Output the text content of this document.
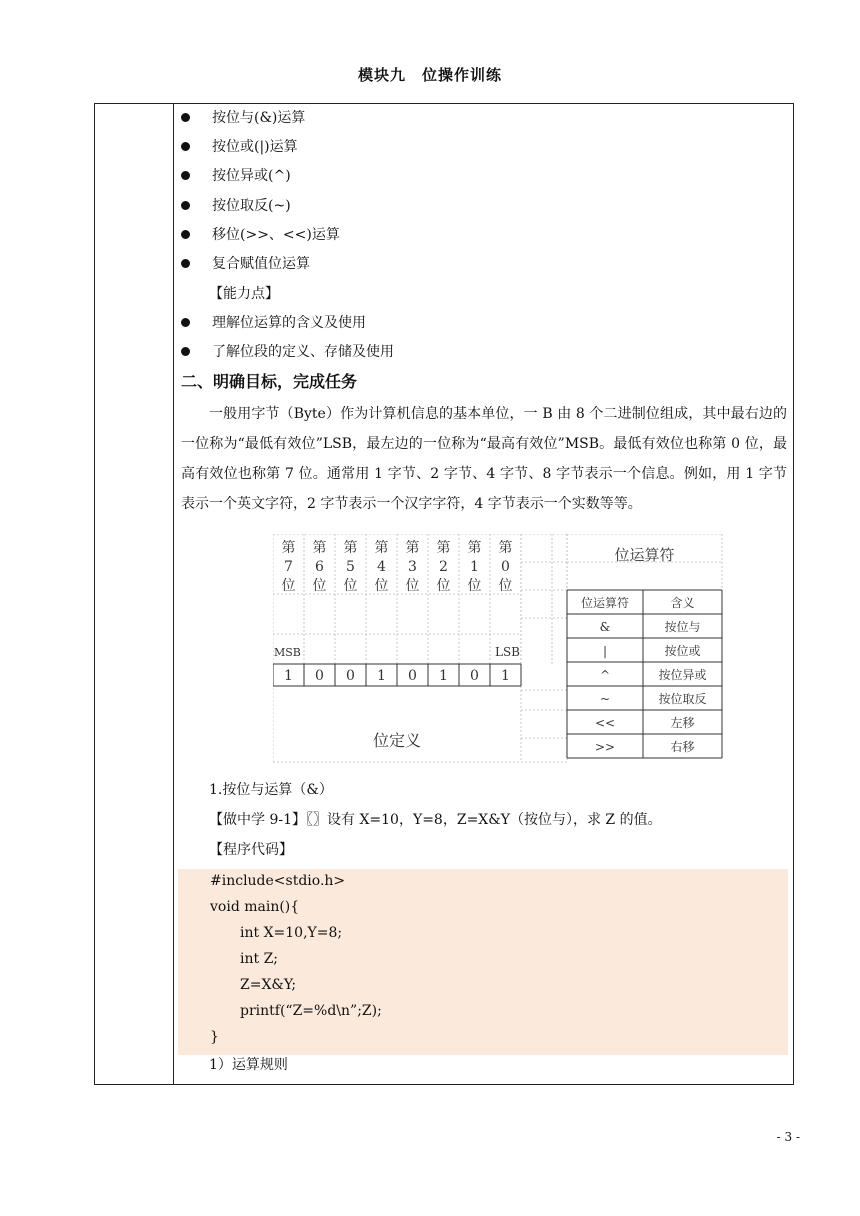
模块九　位操作训练
按位与(&)运算
按位或(|)运算
按位异或(^)
按位取反(~)
移位(>>、<<)运算
复合赋值位运算
【能力点】
理解位运算的含义及使用
了解位段的定义、存储及使用
二、明确目标，完成任务
一般用字节（Byte）作为计算机信息的基本单位，一 B 由 8 个二进制位组成，其中最右边的一位称为“最低有效位”LSB，最左边的一位称为“最高有效位”MSB。最低有效位也称第 0 位，最高有效位也称第 7 位。通常用 1 字节、2 字节、4 字节、8 字节表示一个信息。例如，用 1 字节表示一个英文字符，2 字节表示一个汉字字符，4 字节表示一个实数等等。
1.按位与运算（&）
【做中学 9-1】〖〗设有 X=10，Y=8，Z=X&Y（按位与），求 Z 的值。
【程序代码】
1）运算规则
第
7
位
第
6
位
第
5
位
第
4
位
第
3
位
第
2
位
第
1
位
第
0
位
MSB	LSB
1 0 0 1 0 1 0 1
位定义
位运算符
位运算符	含义
&	按位与
|	按位或
^	按位异或
~	按位取反
<<	左移
>>	右移
#include<stdio.h>
void main(){
int X=10,Y=8;
int Z;
Z=X&Y;
printf(“Z=%d\n”;Z);
}
- 3 -
